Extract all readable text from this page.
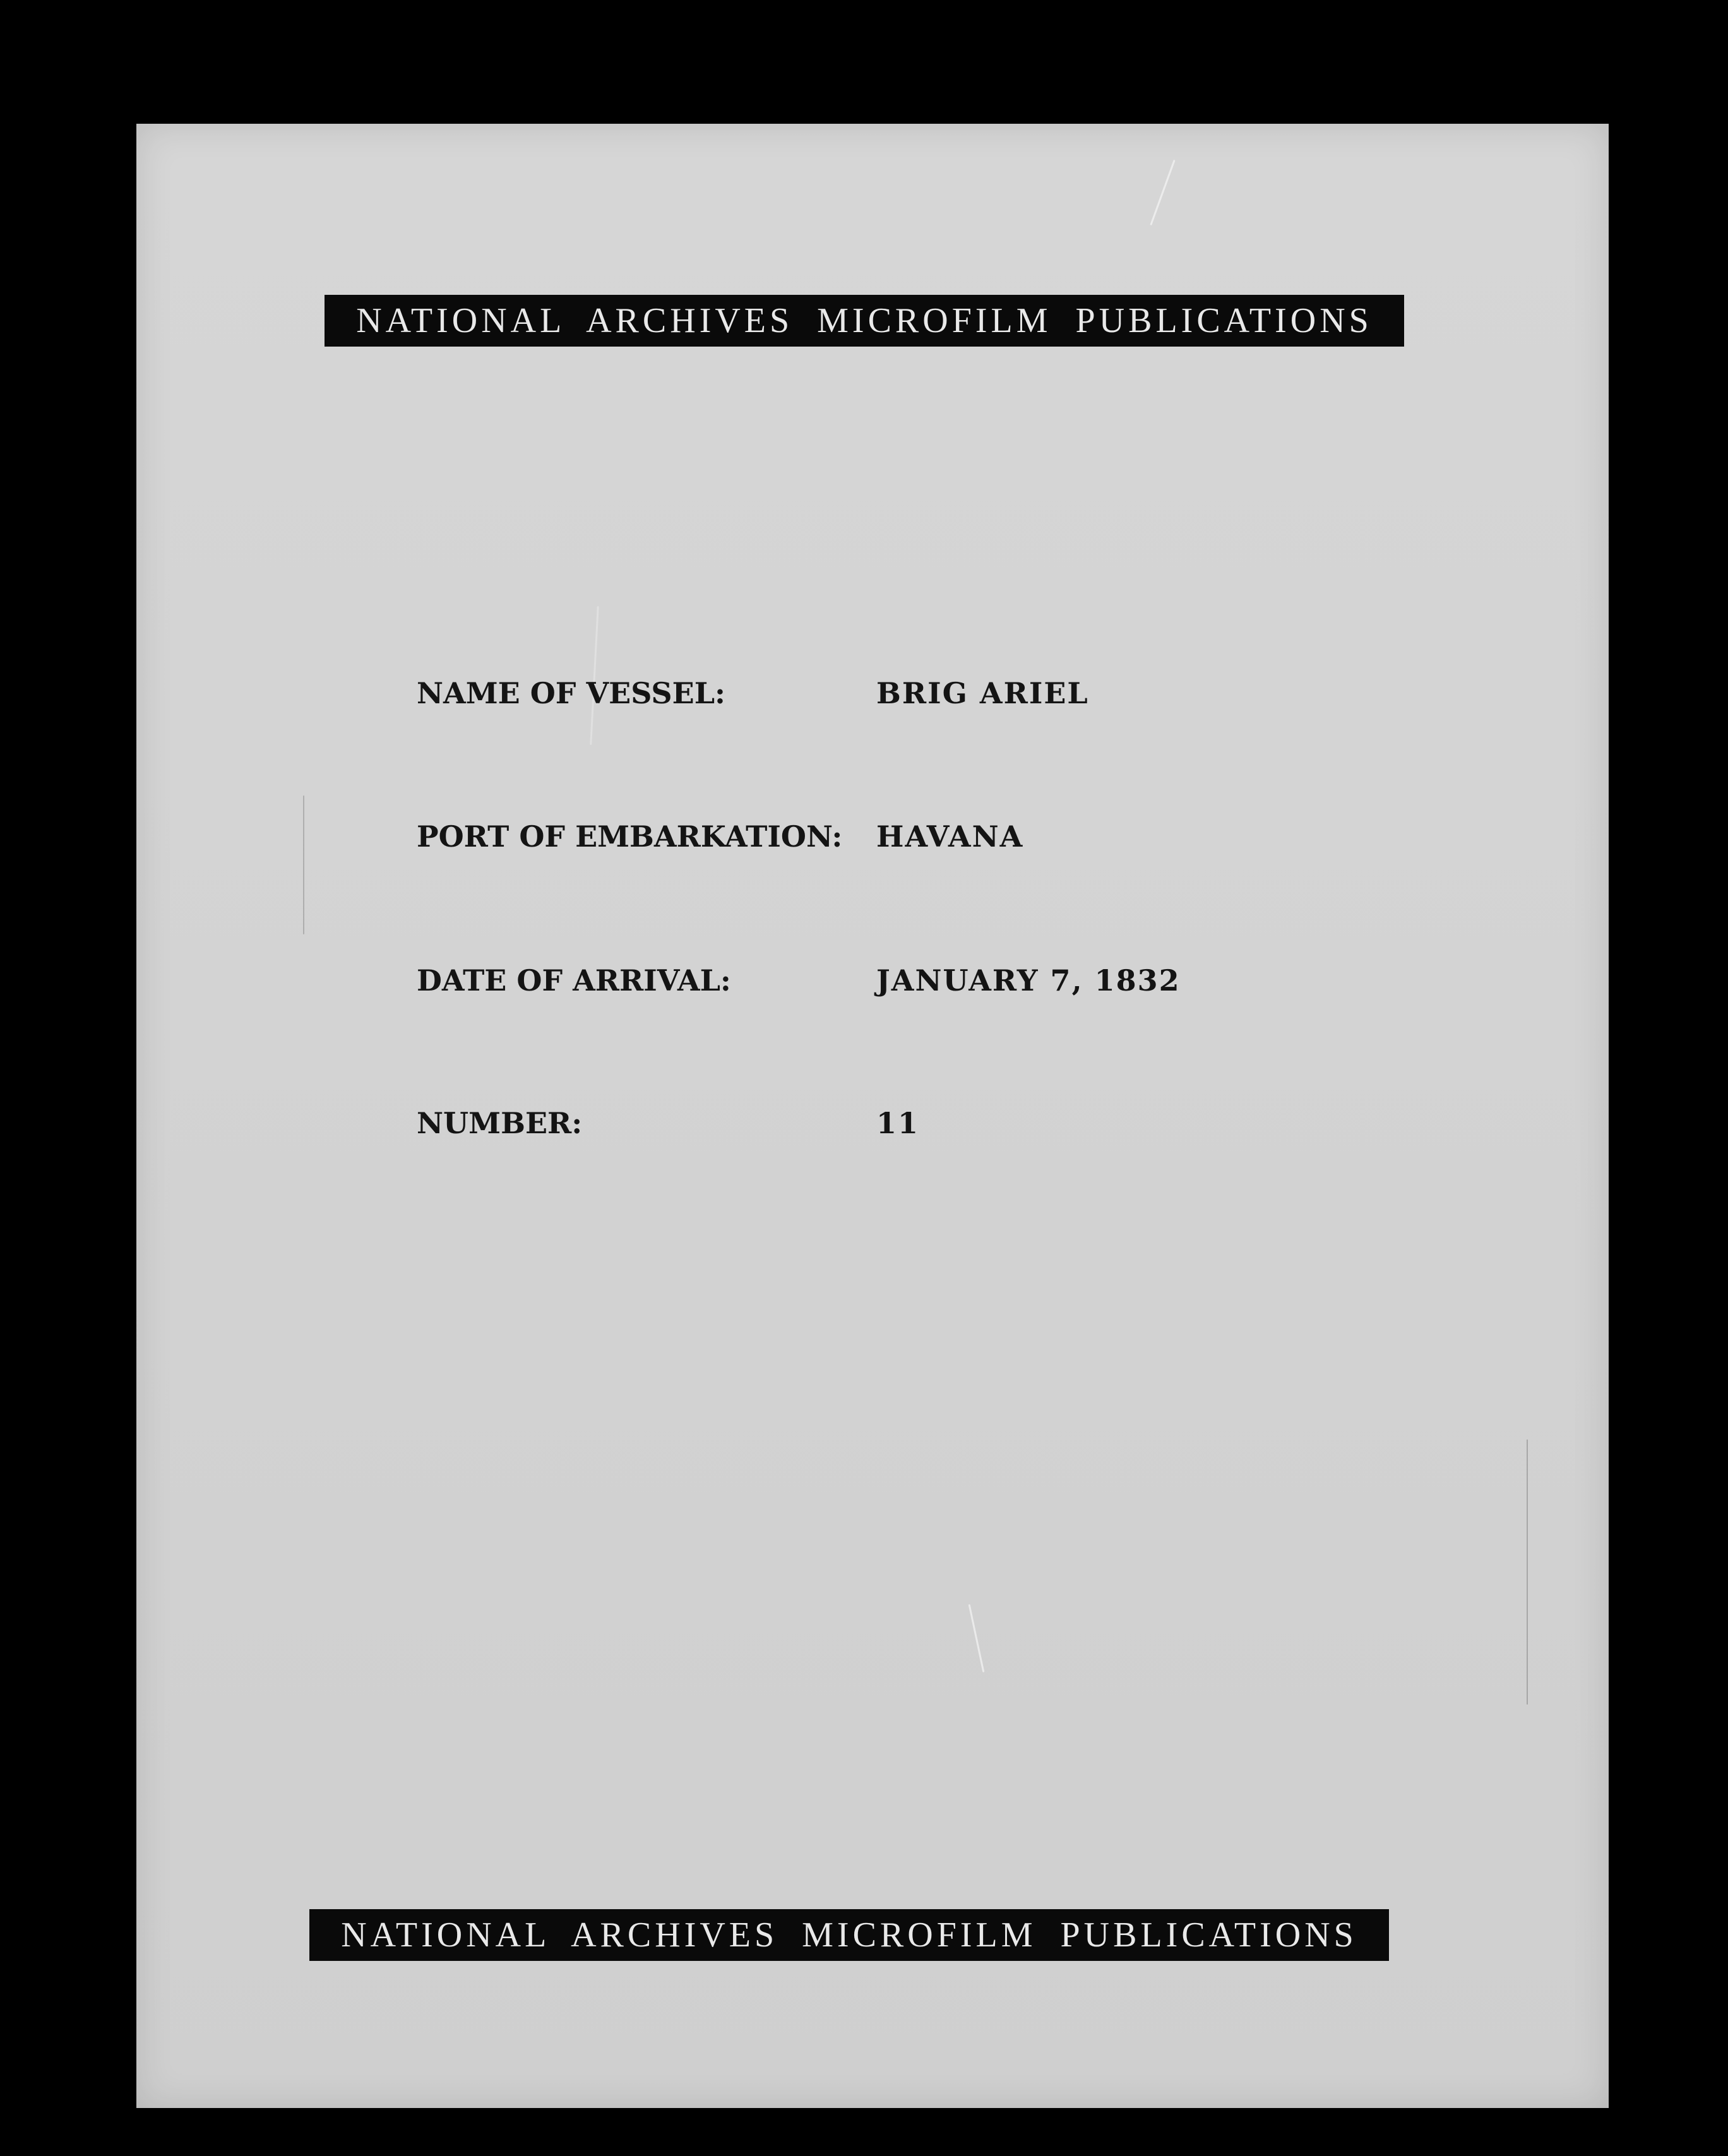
NATIONAL ARCHIVES MICROFILM PUBLICATIONS
NAME OF VESSEL:	BRIG ARIEL
PORT OF EMBARKATION: HAVANA
DATE OF ARRIVAL:	JANUARY 7, 1832
NUMBER:	11
NATIONAL ARCHIVES MICROFILM PUBLICATIONS
